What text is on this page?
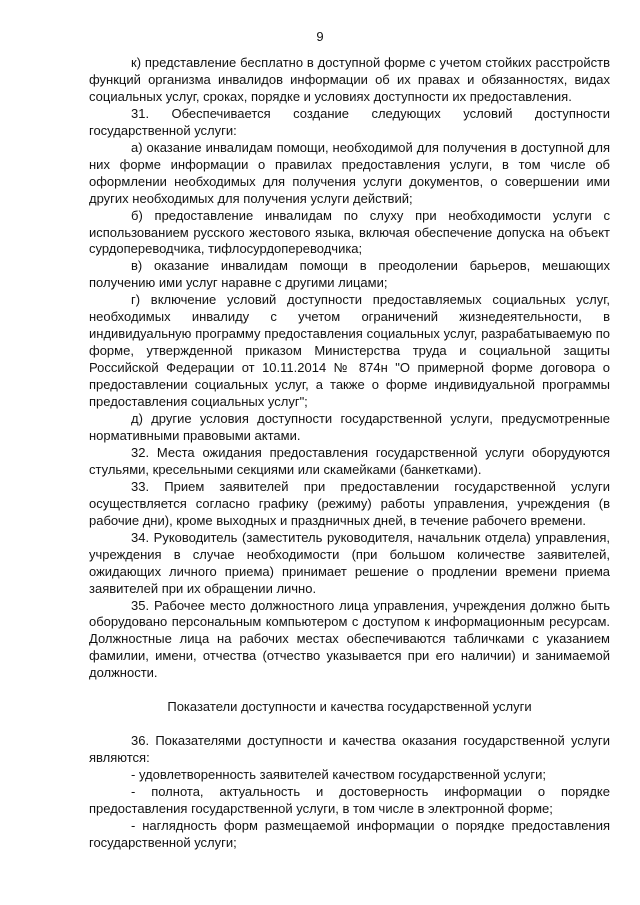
9

к) представление бесплатно в доступной форме с учетом стойких расстройств функций организма инвалидов информации об их правах и обязанностях, видах социальных услуг, сроках, порядке и условиях доступности их предоставления.

31. Обеспечивается создание следующих условий доступности государственной услуги:

а) оказание инвалидам помощи, необходимой для получения в доступной для них форме информации о правилах предоставления услуги, в том числе об оформлении необходимых для получения услуги документов, о совершении ими других необходимых для получения услуги действий;

б) предоставление инвалидам по слуху при необходимости услуги с использованием русского жестового языка, включая обеспечение допуска на объект сурдопереводчика, тифлосурдопереводчика;

в) оказание инвалидам помощи в преодолении барьеров, мешающих получению ими услуг наравне с другими лицами;

г) включение условий доступности предоставляемых социальных услуг, необходимых инвалиду с учетом ограничений жизнедеятельности, в индивидуальную программу предоставления социальных услуг, разрабатываемую по форме, утвержденной приказом Министерства труда и социальной защиты Российской Федерации от 10.11.2014 № 874н "О примерной форме договора о предоставлении социальных услуг, а также о форме индивидуальной программы предоставления социальных услуг";

д) другие условия доступности государственной услуги, предусмотренные нормативными правовыми актами.

32. Места ожидания предоставления государственной услуги оборудуются стульями, кресельными секциями или скамейками (банкетками).

33. Прием заявителей при предоставлении государственной услуги осуществляется согласно графику (режиму) работы управления, учреждения (в рабочие дни), кроме выходных и праздничных дней, в течение рабочего времени.

34. Руководитель (заместитель руководителя, начальник отдела) управления, учреждения в случае необходимости (при большом количестве заявителей, ожидающих личного приема) принимает решение о продлении времени приема заявителей при их обращении лично.

35. Рабочее место должностного лица управления, учреждения должно быть оборудовано персональным компьютером с доступом к информационным ресурсам. Должностные лица на рабочих местах обеспечиваются табличками с указанием фамилии, имени, отчества (отчество указывается при его наличии) и занимаемой должности.

Показатели доступности и качества государственной услуги

36. Показателями доступности и качества оказания государственной услуги являются:

- удовлетворенность заявителей качеством государственной услуги;

- полнота, актуальность и достоверность информации о порядке предоставления государственной услуги, в том числе в электронной форме;

- наглядность форм размещаемой информации о порядке предоставления государственной услуги;
